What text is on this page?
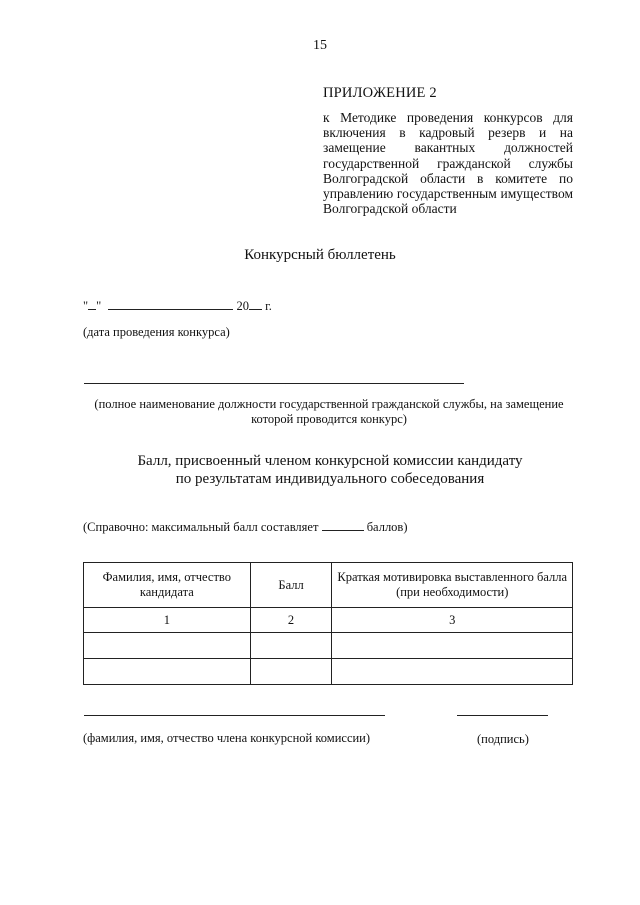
15
ПРИЛОЖЕНИЕ 2
к Методике проведения конкурсов для включения в кадровый резерв и на замещение вакантных должностей государственной гражданской службы Волгоградской области в комитете по управлению государственным имуществом Волгоградской области
Конкурсный бюллетень
" "	20 г.
(дата проведения конкурса)
(полное наименование должности государственной гражданской службы, на замещение которой проводится конкурс)
Балл, присвоенный членом конкурсной комиссии кандидату
по результатам индивидуального собеседования
(Справочно: максимальный балл составляет	баллов)
Фамилия, имя, отчество кандидата	Балл	Краткая мотивировка выставленного балла (при необходимости)
1	2	3

(фамилия, имя, отчество члена конкурсной комиссии)	(подпись)
